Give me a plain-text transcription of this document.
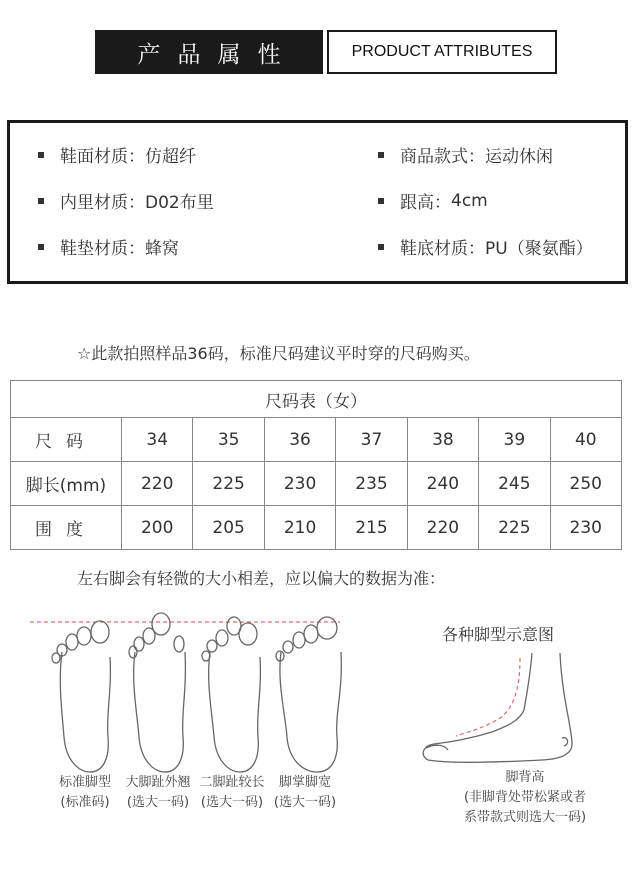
产品属性	PRODUCT ATTRIBUTES
鞋面材质 ： 仿超纤
内里材质 ： D02布里
鞋垫材质 ： 蜂窝
商品款式 ： 运动休闲
跟高 ： 4cm
鞋底材质 ： PU（聚氨酯）
☆此款拍照样品36码，标准尺码建议平时穿的尺码购买。
尺码表（女）							
尺码	34	35	36	37	38	39	40
脚长(mm)	220	225	230	235	240	245	250
围度	200	205	210	215	220	225	230
左右脚会有轻微的大小相差，应以偏大的数据为准：
标准脚型
(标准码)
大脚趾外翘
(选大一码)
二脚趾较长
(选大一码)
脚掌脚宽
(选大一码)
各种脚型示意图
脚背高
(非脚背处带松紧或者
系带款式则选大一码)
